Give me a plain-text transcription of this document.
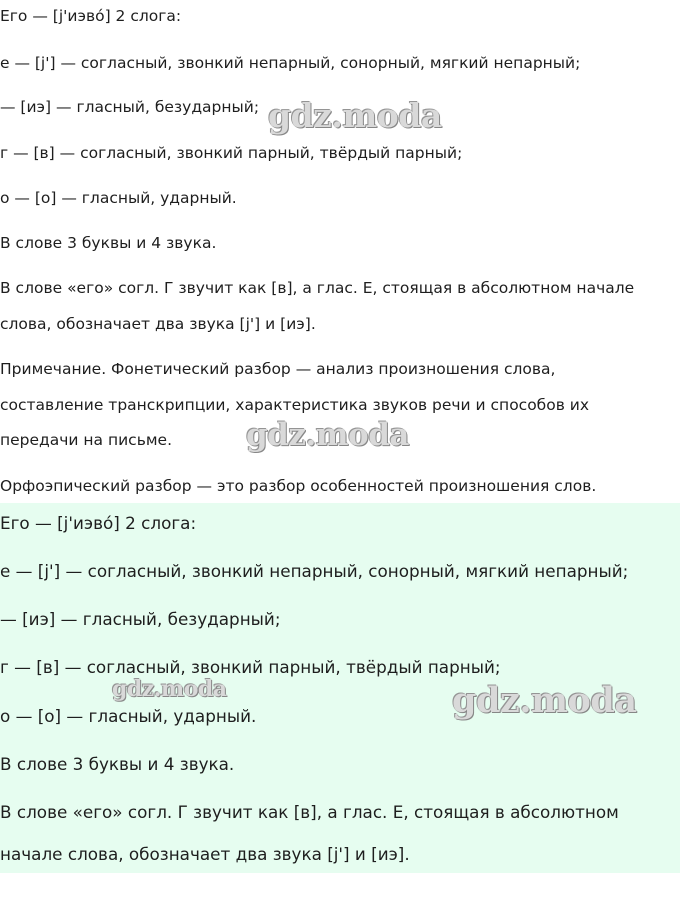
Его — [j'иэво́] 2 слога:

е — [j'] — согласный, звонкий непарный, сонорный, мягкий непарный;

— [иэ] — гласный, безударный;

г — [в] — согласный, звонкий парный, твёрдый парный;

о — [о] — гласный, ударный.

В слове 3 буквы и 4 звука.

В слове «его» согл. Г звучит как [в], а глас. Е, стоящая в абсолютном начале

слова, обозначает два звука [j'] и [иэ].

Примечание. Фонетический разбор — анализ произношения слова,

составление транскрипции, характеристика звуков речи и способов их

передачи на письме.

Орфоэпический разбор — это разбор особенностей произношения слов.

Его — [j'иэво́] 2 слога:

е — [j'] — согласный, звонкий непарный, сонорный, мягкий непарный;

— [иэ] — гласный, безударный;

г — [в] — согласный, звонкий парный, твёрдый парный;

о — [о] — гласный, ударный.

В слове 3 буквы и 4 звука.

В слове «его» согл. Г звучит как [в], а глас. Е, стоящая в абсолютном

начале слова, обозначает два звука [j'] и [иэ].

gdz.moda
gdz.moda
gdz.moda	gdz.moda
